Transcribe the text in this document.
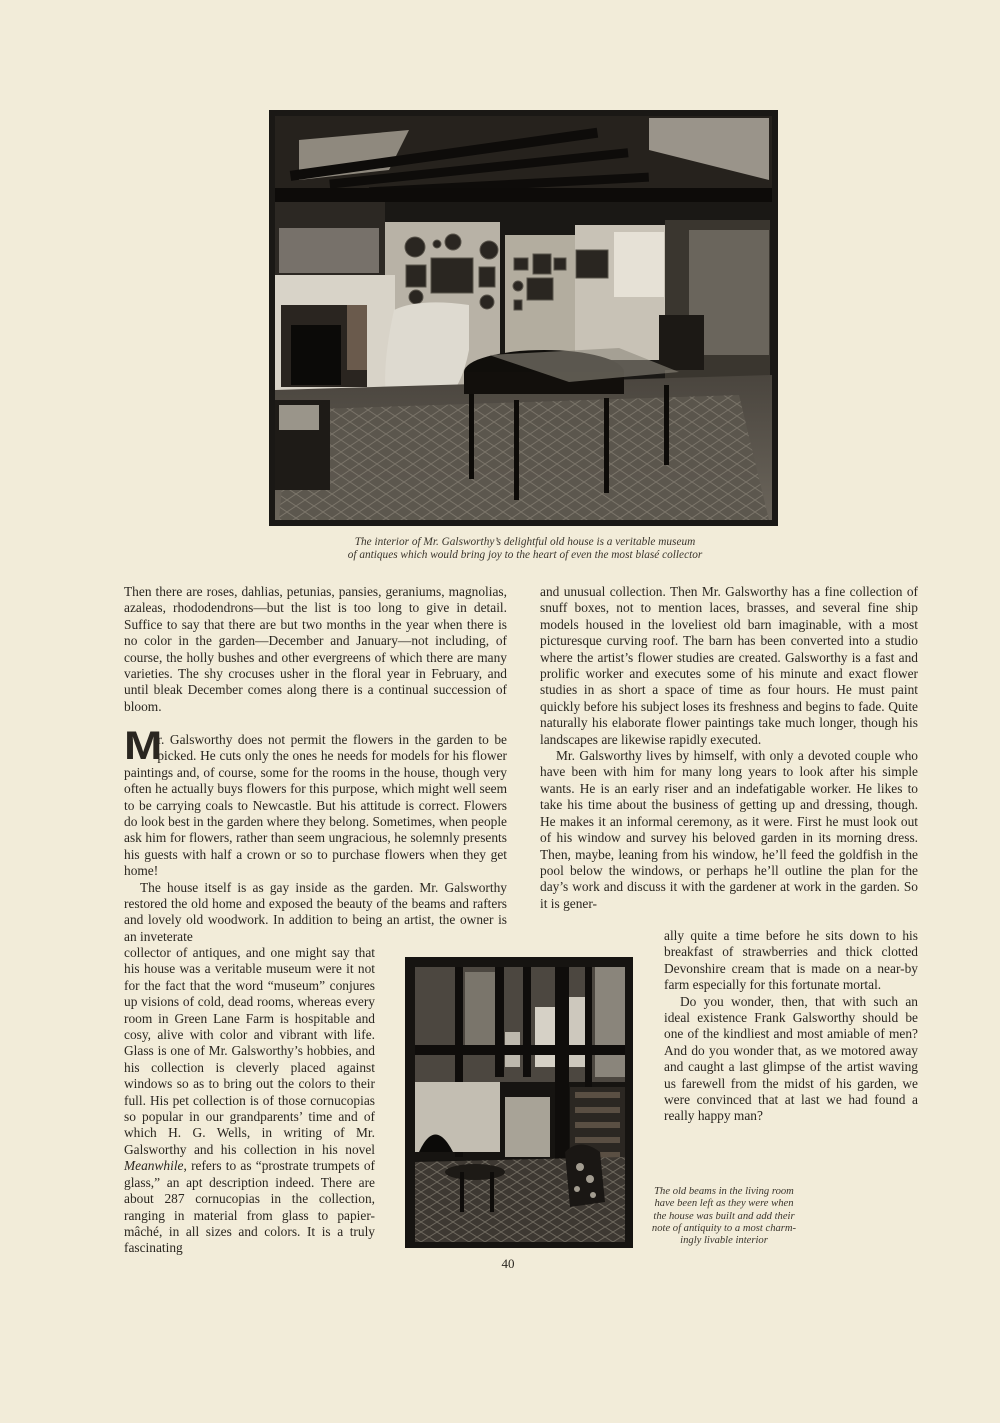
The interior of Mr. Galsworthy’s delightful old house is a veritable museum
of antiques which would bring joy to the heart of even the most blasé collector

Then there are roses, dahlias, petunias, pansies, geraniums, magnolias, azaleas, rhododendrons—but the list is too long to give in detail. Suffice to say that there are but two months in the year when there is no color in the garden—December and January—not including, of course, the holly bushes and other evergreens of which there are many varieties. The shy crocuses usher in the floral year in February, and until bleak December comes along there is a continual succession of bloom.

M
r. Galsworthy does not permit the flowers in the garden to be picked. He cuts only the ones he needs for models for his flower paintings and, of course, some for the rooms in the house, though very often he actually buys flowers for this purpose, which might well seem to be carrying coals to Newcastle. But his attitude is correct. Flowers do look best in the garden where they belong. Sometimes, when people ask him for flowers, rather than seem ungracious, he solemnly presents his guests with half a crown or so to purchase flowers when they get home!

The house itself is as gay inside as the garden. Mr. Galsworthy restored the old home and exposed the beauty of the beams and rafters and lovely old woodwork. In addition to being an artist, the owner is an inveterate

collector of antiques, and one might say that his house was a veritable museum were it not for the fact that the word “museum” conjures up visions of cold, dead rooms, whereas every room in Green Lane Farm is hospitable and cosy, alive with color and vibrant with life. Glass is one of Mr. Galsworthy’s hobbies, and his collection is cleverly placed against windows so as to bring out the colors to their full. His pet collection is of those cornucopias so popular in our grandparents’ time and of which H. G. Wells, in writing of Mr. Galsworthy and his collection in his novel Meanwhile, refers to as “prostrate trumpets of glass,” an apt description indeed. There are about 287 cornucopias in the collection, ranging in material from glass to papier-mâché, in all sizes and colors. It is a truly fascinating

and unusual collection. Then Mr. Galsworthy has a fine collection of snuff boxes, not to mention laces, brasses, and several fine ship models housed in the loveliest old barn imaginable, with a most picturesque curving roof. The barn has been converted into a studio where the artist’s flower studies are created. Galsworthy is a fast and prolific worker and executes some of his minute and exact flower studies in as short a space of time as four hours. He must paint quickly before his subject loses its freshness and begins to fade. Quite naturally his elaborate flower paintings take much longer, though his landscapes are likewise rapidly executed.

Mr. Galsworthy lives by himself, with only a devoted couple who have been with him for many long years to look after his simple wants. He is an early riser and an indefatigable worker. He likes to take his time about the business of getting up and dressing, though. He makes it an informal ceremony, as it were. First he must look out of his window and survey his beloved garden in its morning dress. Then, maybe, leaning from his window, he’ll feed the goldfish in the pool below the windows, or perhaps he’ll outline the plan for the day’s work and discuss it with the gardener at work in the garden. So it is gener-

ally quite a time before he sits down to his breakfast of strawberries and thick clotted Devonshire cream that is made on a near-by farm especially for this fortunate mortal.

Do you wonder, then, that with such an ideal existence Frank Galsworthy should be one of the kindliest and most amiable of men? And do you wonder that, as we motored away and caught a last glimpse of the artist waving us farewell from the midst of his garden, we were convinced that at last we had found a really happy man?

The old beams in the living room
have been left as they were when
the house was built and add their
note of antiquity to a most charm-
ingly livable interior
40
